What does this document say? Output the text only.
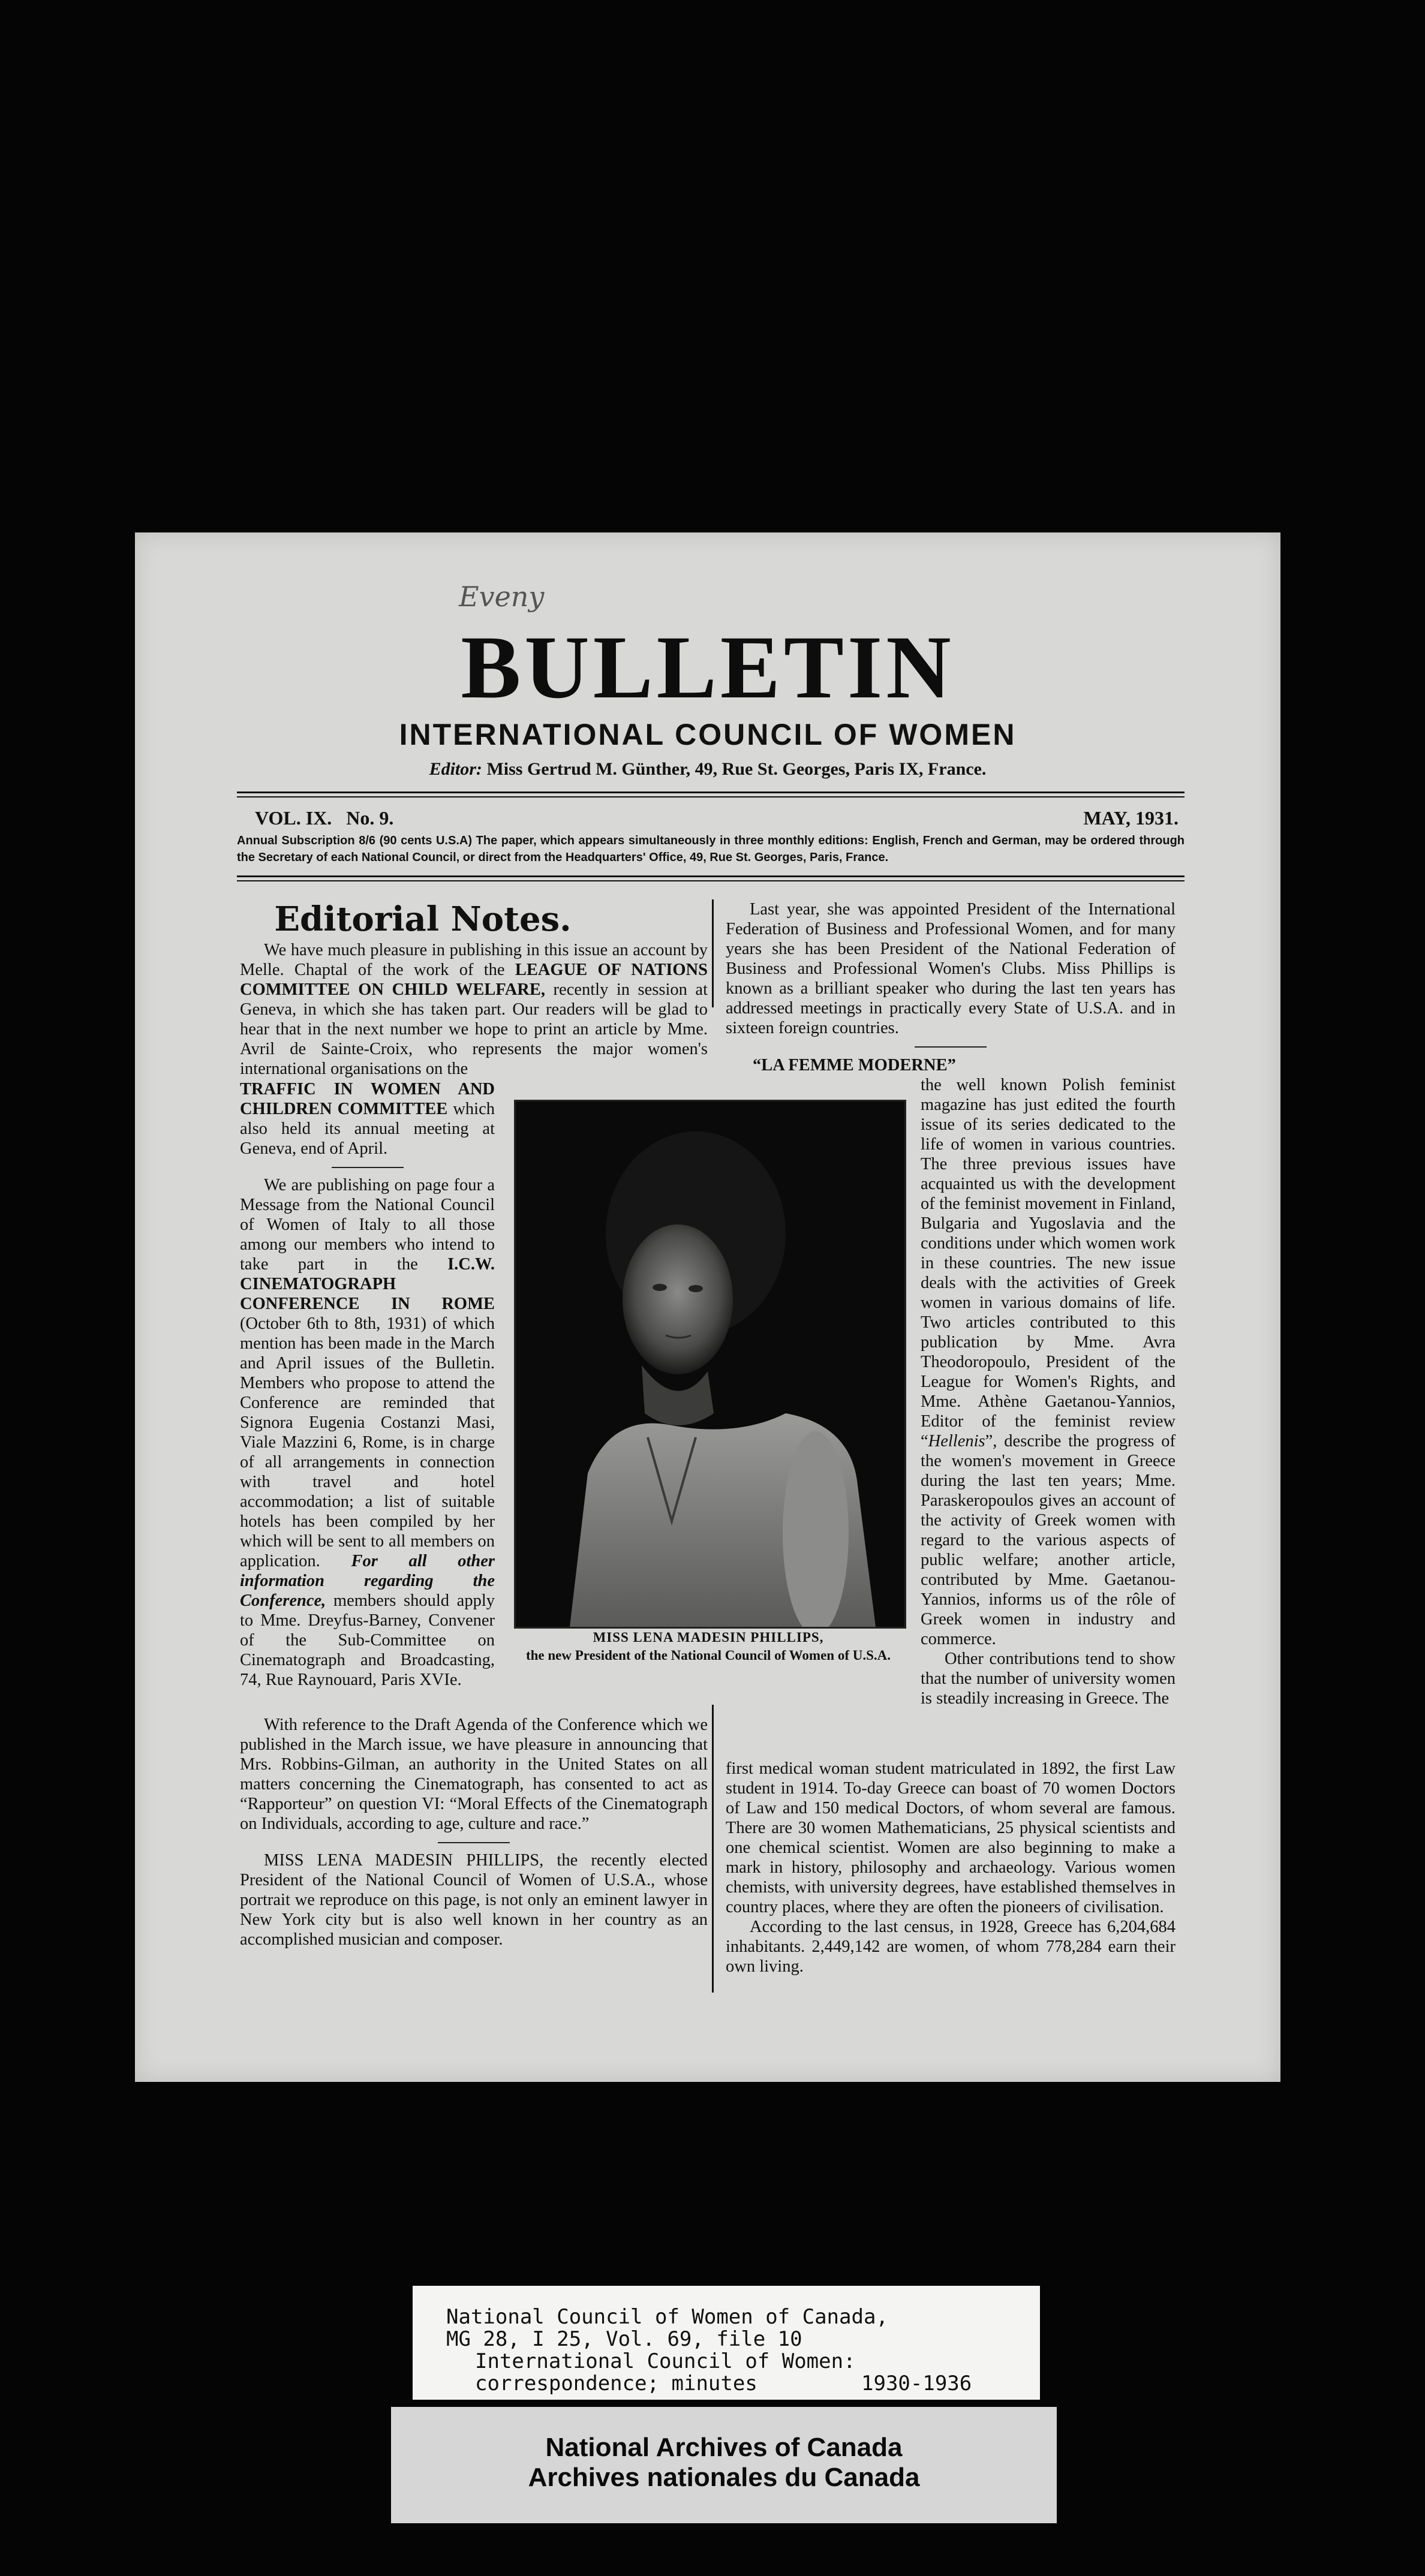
Eveny
BULLETIN
INTERNATIONAL COUNCIL OF WOMEN
Editor: Miss Gertrud M. Günther, 49, Rue St. Georges, Paris IX, France.
VOL. IX. No. 9.	MAY, 1931.
Annual Subscription 8/6 (90 cents U.S.A) The paper, which appears simultaneously in three monthly editions: English, French and German, may be ordered through the Secretary of each National Council, or direct from the Headquarters' Office, 49, Rue St. Georges, Paris, France.
Editorial Notes.

We have much pleasure in publishing in this issue an account by Melle. Chaptal of the work of the LEAGUE OF NATIONS COMMITTEE ON CHILD WELFARE, recently in session at Geneva, in which she has taken part. Our readers will be glad to hear that in the next number we hope to print an article by Mme. Avril de Sainte-Croix, who represents the major women's international organisations on the

TRAFFIC IN WOMEN AND CHILDREN COMMITTEE which also held its annual meeting at Geneva, end of April.

We are publishing on page four a Message from the National Council of Women of Italy to all those among our members who intend to take part in the I.C.W. CINEMATOGRAPH CONFERENCE IN ROME (October 6th to 8th, 1931) of which mention has been made in the March and April issues of the Bulletin. Members who propose to attend the Conference are reminded that Signora Eugenia Costanzi Masi, Viale Mazzini 6, Rome, is in charge of all arrangements in connection with travel and hotel accommodation; a list of suitable hotels has been compiled by her which will be sent to all members on application. For all other information regarding the Conference, members should apply to Mme. Dreyfus-Barney, Convener of the Sub-Committee on Cinematograph and Broadcasting, 74, Rue Raynouard, Paris XVIe.

With reference to the Draft Agenda of the Conference which we published in the March issue, we have pleasure in announcing that Mrs. Robbins-Gilman, an authority in the United States on all matters concerning the Cinematograph, has consented to act as “Rapporteur” on question VI: “Moral Effects of the Cinematograph on Individuals, according to age, culture and race.”

MISS LENA MADESIN PHILLIPS, the recently elected President of the National Council of Women of U.S.A., whose portrait we reproduce on this page, is not only an eminent lawyer in New York city but is also well known in her country as an accomplished musician and composer.

Last year, she was appointed President of the International Federation of Business and Professional Women, and for many years she has been President of the National Federation of Business and Professional Women's Clubs. Miss Phillips is known as a brilliant speaker who during the last ten years has addressed meetings in practically every State of U.S.A. and in sixteen foreign countries.

“LA FEMME MODERNE”

the well known Polish feminist magazine has just edited the fourth issue of its series dedicated to the life of women in various countries. The three previous issues have acquainted us with the development of the feminist movement in Finland, Bulgaria and Yugoslavia and the conditions under which women work in these countries. The new issue deals with the activities of Greek women in various domains of life. Two articles contributed to this publication by Mme. Avra Theodoropoulo, President of the League for Women's Rights, and Mme. Athène Gaetanou-Yannios, Editor of the feminist review “Hellenis”, describe the progress of the women's movement in Greece during the last ten years; Mme. Paraskeropoulos gives an account of the activity of Greek women with regard to the various aspects of public welfare; another article, contributed by Mme. Gaetanou-Yannios, informs us of the rôle of Greek women in industry and commerce.

Other contributions tend to show that the number of university women is steadily increasing in Greece. The

first medical woman student matriculated in 1892, the first Law student in 1914. To-day Greece can boast of 70 women Doctors of Law and 150 medical Doctors, of whom several are famous. There are 30 women Mathematicians, 25 physical scientists and one chemical scientist. Women are also beginning to make a mark in history, philosophy and archaeology. Various women chemists, with university degrees, have established themselves in country places, where they are often the pioneers of civilisation.

According to the last census, in 1928, Greece has 6,204,684 inhabitants. 2,449,142 are women, of whom 778,284 earn their own living.

MISS LENA MADESIN PHILLIPS,
the new President of the National Council of Women of U.S.A.
National Council of Women of Canada,
MG 28, I 25, Vol. 69, file 10
International Council of Women:
correspondence; minutes	1930-1936
National Archives of Canada
Archives nationales du Canada
